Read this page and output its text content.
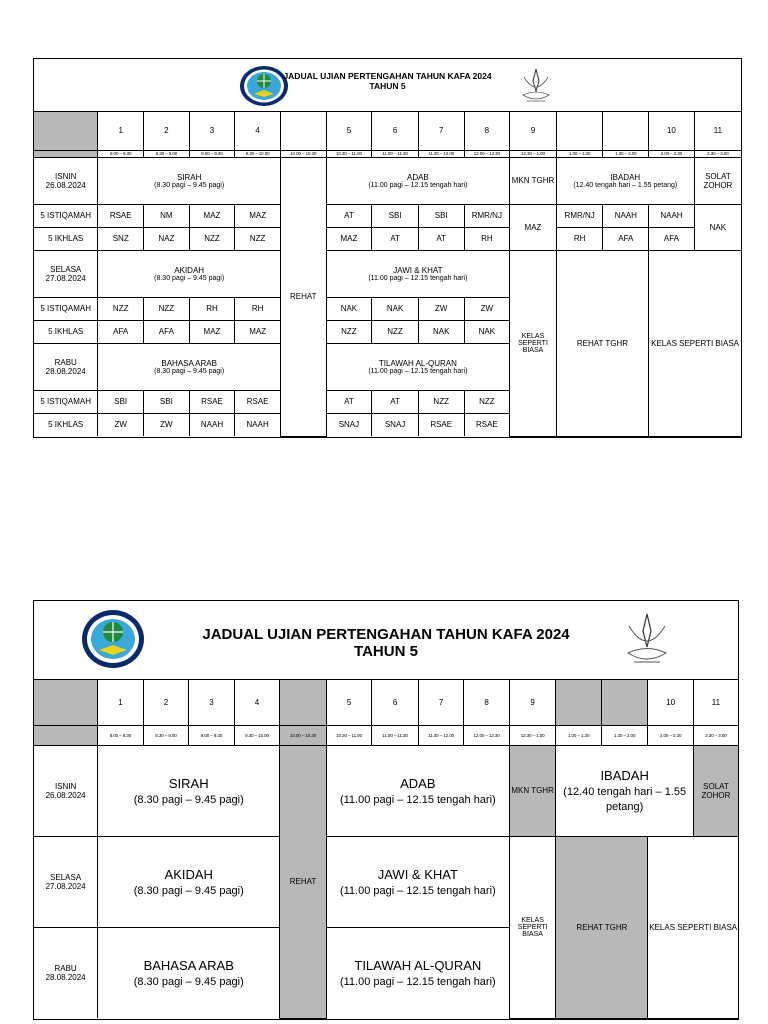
JADUAL UJIAN PERTENGAHAN TAHUN KAFA 2024
TAHUN 5
	1	2	3	4		5	6	7	8	9			10	11
	8.00 – 8.30	8.30 – 9.00	9.00 – 9.30	9.30 – 10.00	10.00 – 10.30	10.30 – 11.00	11.00 – 11.30	11.30 – 12.00	12.00 – 12.30	12.30 – 1.00	1.00 – 1.30	1.30 – 2.00	2.00 – 2.30	2.30 – 3.00
ISNIN
26.08.2024	SIRAH
(8.30 pagi – 9.45 pagi)				REHAT	ADAB
(11.00 pagi – 12.15 tengah hari)				MKN TGHR	IBADAH
(12.40 tengah hari – 1.55 petang)			SOLAT ZOHOR
5 ISTIQAMAH	RSAE	NM	MAZ	MAZ		AT	SBI	SBI	RMR/NJ	MAZ	RMR/NJ	NAAH	NAAH	NAK
5 IKHLAS	SNZ	NAZ	NZZ	NZZ		MAZ	AT	AT	RH		RH	AFA	AFA	
SELASA
27.08.2024	AKIDAH
(8.30 pagi – 9.45 pagi)					JAWI & KHAT
(11.00 pagi – 12.15 tengah hari)				KELAS SEPERTI BIASA	REHAT TGHR		KELAS SEPERTI BIASA	
5 ISTIQAMAH	NZZ	NZZ	RH	RH		NAK	NAK	ZW	ZW					
5 IKHLAS	AFA	AFA	MAZ	MAZ		NZZ	NZZ	NAK	NAK					
RABU
28.08.2024	BAHASA ARAB
(8.30 pagi – 9.45 pagi)					TILAWAH AL-QURAN
(11.00 pagi – 12.15 tengah hari)								

5 ISTIQAMAH	SBI	SBI	RSAE	RSAE		AT	AT	NZZ	NZZ					
5 IKHLAS	ZW	ZW	NAAH	NAAH		SNAJ	SNAJ	RSAE	RSAE					
JADUAL UJIAN PERTENGAHAN TAHUN KAFA 2024
TAHUN 5
	1	2	3	4		5	6	7	8	9			10	11
	8.00 – 8.30	8.30 – 9.00	9.00 – 9.30	9.30 – 10.00	10.00 – 10.30	10.30 – 11.00	11.00 – 11.30	11.30 – 12.00	12.00 – 12.30	12.30 – 1.00	1.00 – 1.30	1.30 – 2.00	2.00 – 2.30	2.30 – 3.00
ISNIN
26.08.2024	SIRAH
(8.30 pagi – 9.45 pagi)				REHAT	ADAB
(11.00 pagi – 12.15 tengah hari)				MKN TGHR	IBADAH
(12.40 tengah hari – 1.55 petang)			SOLAT ZOHOR
SELASA
27.08.2024	AKIDAH
(8.30 pagi – 9.45 pagi)					JAWI & KHAT
(11.00 pagi – 12.15 tengah hari)				KELAS SEPERTI BIASA	REHAT TGHR		KELAS SEPERTI BIASA	
RABU
28.08.2024	BAHASA ARAB
(8.30 pagi – 9.45 pagi)					TILAWAH AL-QURAN
(11.00 pagi – 12.15 tengah hari)								
